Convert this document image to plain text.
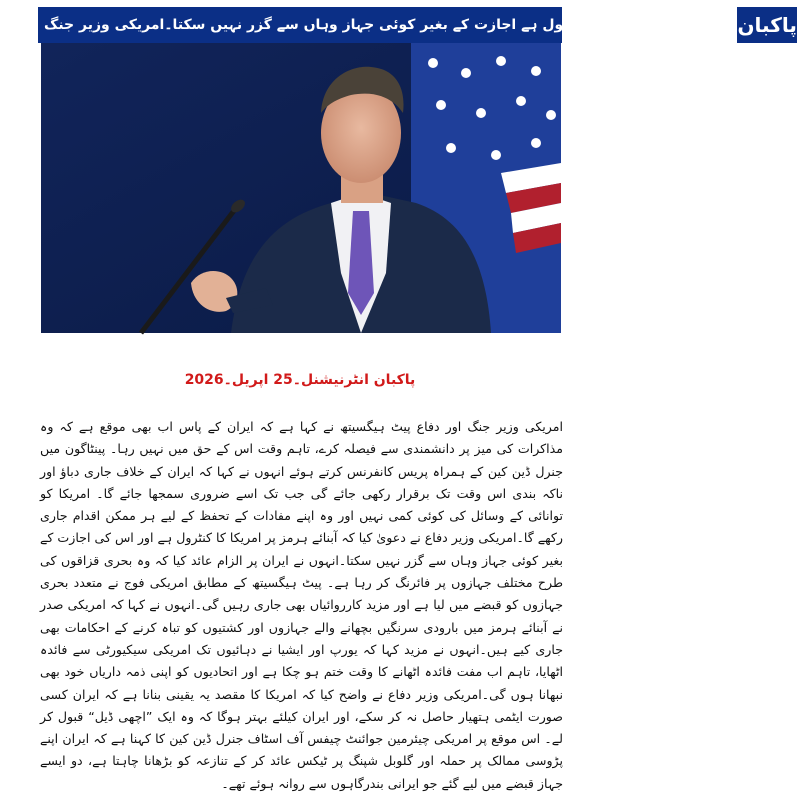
آبنائے ہرمز پر ہمارا کنٹرول ہے اجازت کے بغیر کوئی جہاز وہاں سے گزر نہیں سکتا۔امریکی وزیر جنگ پاکبان
پاکبان انٹرنیشنل۔25 اپریل۔2026

امریکی وزیر جنگ اور دفاع پیٹ ہیگسیتھ نے کہا ہے کہ ایران کے پاس اب بھی موقع ہے کہ وہ مذاکرات کی میز پر دانشمندی سے فیصلہ کرے، تاہم وقت اس کے حق میں نہیں رہا۔ پینٹاگون میں جنرل ڈین کین کے ہمراہ پریس کانفرنس کرتے ہوئے انہوں نے کہا کہ ایران کے خلاف جاری دباؤ اور ناکہ بندی اس وقت تک برقرار رکھی جائے گی جب تک اسے ضروری سمجھا جائے گا۔ امریکا کو توانائی کے وسائل کی کوئی کمی نہیں اور وہ اپنے مفادات کے تحفظ کے لیے ہر ممکن اقدام جاری رکھے گا۔امریکی وزیر دفاع نے دعویٰ کیا کہ آبنائے ہرمز پر امریکا کا کنٹرول ہے اور اس کی اجازت کے بغیر کوئی جہاز وہاں سے گزر نہیں سکتا۔انہوں نے ایران پر الزام عائد کیا کہ وہ بحری قزاقوں کی طرح مختلف جہازوں پر فائرنگ کر رہا ہے۔ پیٹ ہیگسیتھ کے مطابق امریکی فوج نے متعدد بحری جہازوں کو قبضے میں لیا ہے اور مزید کارروائیاں بھی جاری رہیں گی۔انہوں نے کہا کہ امریکی صدر نے آبنائے ہرمز میں بارودی سرنگیں بچھانے والے جہازوں اور کشتیوں کو تباہ کرنے کے احکامات بھی جاری کیے ہیں۔انہوں نے مزید کہا کہ یورپ اور ایشیا نے دہائیوں تک امریکی سیکیورٹی سے فائدہ اٹھایا، تاہم اب مفت فائدہ اٹھانے کا وقت ختم ہو چکا ہے اور اتحادیوں کو اپنی ذمہ داریاں خود بھی نبھانا ہوں گی۔امریکی وزیر دفاع نے واضح کیا کہ امریکا کا مقصد یہ یقینی بنانا ہے کہ ایران کسی صورت ایٹمی ہتھیار حاصل نہ کر سکے، اور ایران کیلئے بہتر ہوگا کہ وہ ایک ”اچھی ڈیل“ قبول کر لے۔ اس موقع پر امریکی چیئرمین جوائنٹ چیفس آف اسٹاف جنرل ڈین کین کا کہنا ہے کہ ایران اپنے پڑوسی ممالک پر حملہ اور گلوبل شپنگ پر ٹیکس عائد کر کے تنازعہ کو بڑھانا چاہتا ہے، دو ایسے جہاز قبضے میں لیے گئے جو ایرانی بندرگاہوں سے روانہ ہوئے تھے۔
